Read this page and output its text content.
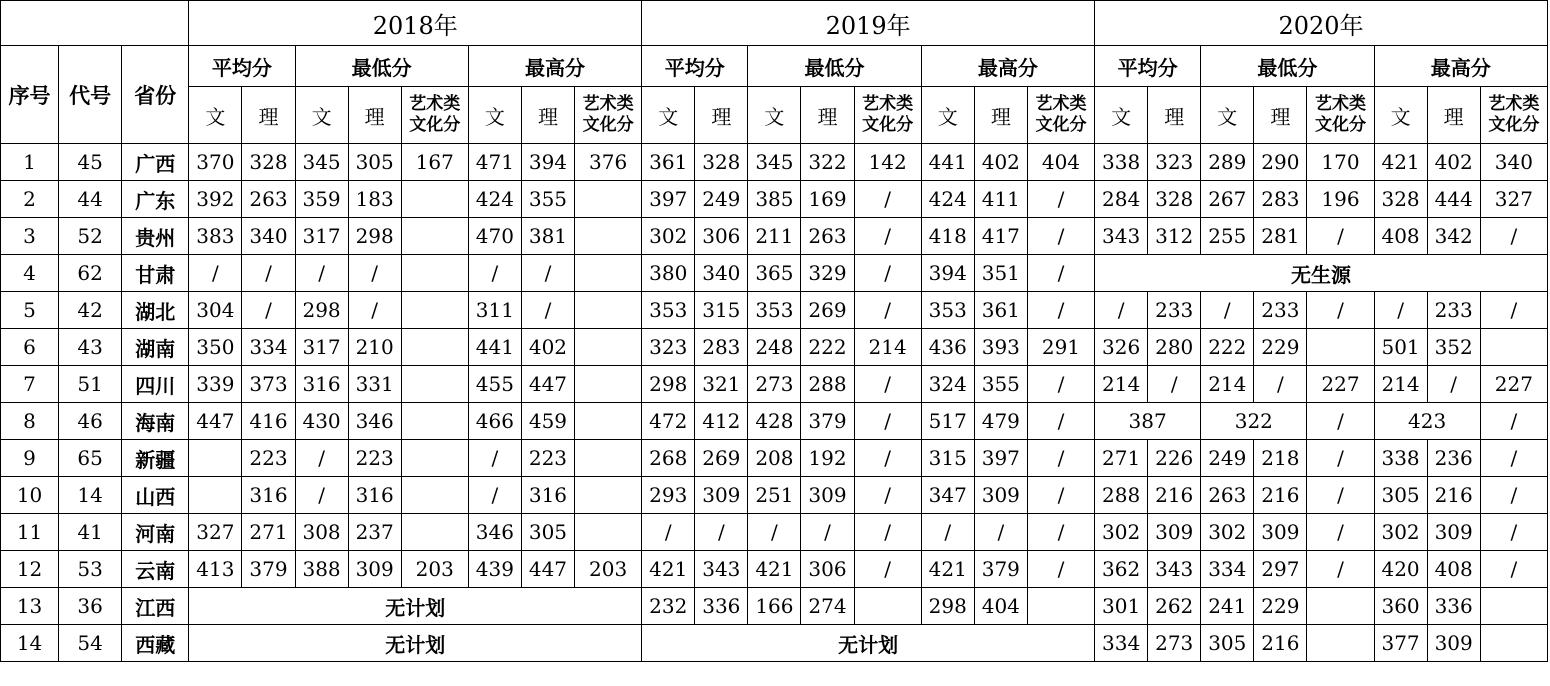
			2018年								2019年								2020年							
序号	代号	省份	平均分		最低分			最高分			平均分		最低分			最高分			平均分		最低分			最高分		
			文	理	文	理	艺术类文化分	文	理	艺术类文化分	文	理	文	理	艺术类文化分	文	理	艺术类文化分	文	理	文	理	艺术类文化分	文	理	艺术类文化分
1	45	广西	370	328	345	305	167	471	394	376	361	328	345	322	142	441	402	404	338	323	289	290	170	421	402	340
2	44	广东	392	263	359	183		424	355		397	249	385	169	/	424	411	/	284	328	267	283	196	328	444	327
3	52	贵州	383	340	317	298		470	381		302	306	211	263	/	418	417	/	343	312	255	281	/	408	342	/
4	62	甘肃	/	/	/	/		/	/		380	340	365	329	/	394	351	/	无生源							
5	42	湖北	304	/	298	/		311	/		353	315	353	269	/	353	361	/	/	233	/	233	/	/	233	/
6	43	湖南	350	334	317	210		441	402		323	283	248	222	214	436	393	291	326	280	222	229		501	352	
7	51	四川	339	373	316	331		455	447		298	321	273	288	/	324	355	/	214	/	214	/	227	214	/	227
8	46	海南	447	416	430	346		466	459		472	412	428	379	/	517	479	/	387		322		/	423		/
9	65	新疆		223	/	223		/	223		268	269	208	192	/	315	397	/	271	226	249	218	/	338	236	/
10	14	山西		316	/	316		/	316		293	309	251	309	/	347	309	/	288	216	263	216	/	305	216	/
11	41	河南	327	271	308	237		346	305		/	/	/	/	/	/	/	/	302	309	302	309	/	302	309	/
12	53	云南	413	379	388	309	203	439	447	203	421	343	421	306	/	421	379	/	362	343	334	297	/	420	408	/
13	36	江西	无计划								232	336	166	274		298	404		301	262	241	229		360	336	
14	54	西藏	无计划								无计划								334	273	305	216		377	309	
